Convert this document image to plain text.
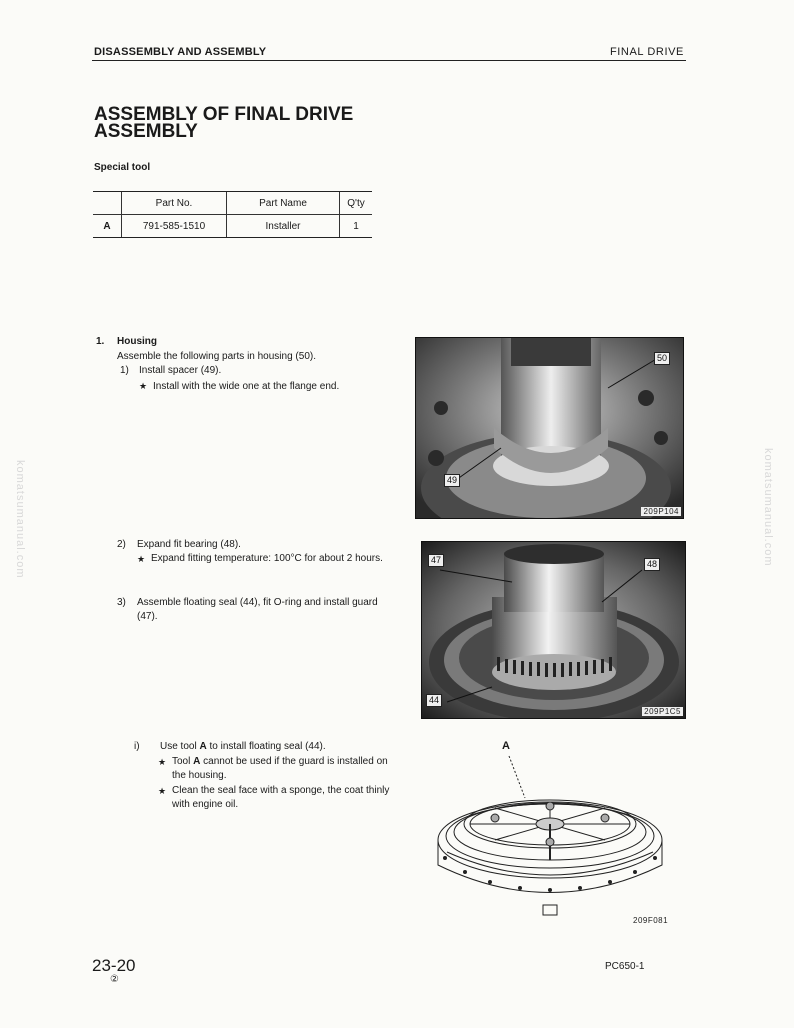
DISASSEMBLY AND ASSEMBLY	FINAL DRIVE
ASSEMBLY OF FINAL DRIVE ASSEMBLY
Special tool
	Part No.	Part Name	Q'ty
A	791-585-1510	Installer	1
1. Housing
Assemble the following parts in housing (50).
1) Install spacer (49).
★ Install with the wide one at the flange end.
2) Expand fit bearing (48).
★ Expand fitting temperature: 100°C for about 2 hours.
3) Assemble floating seal (44), fit O-ring and install guard (47).
i) Use tool A to install floating seal (44).
★ Tool A cannot be used if the guard is installed on the housing.
★ Clean the seal face with a sponge, the coat thinly with engine oil.
50
49
209P104
47	48
44
209P1C5
A
209F081
komatsumanual.com	komatsumanual.com
23-20
②
PC650-1
